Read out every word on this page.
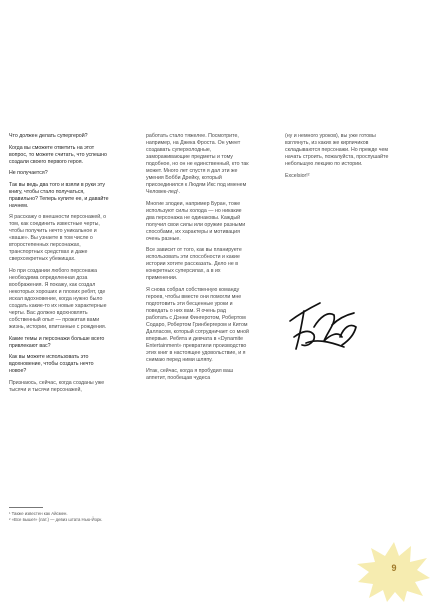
Что должен делать супергерой?

Когда вы сможете ответить на этот вопрос, то можете считать, что успешно создали своего первого героя.

Не получается?

Так вы ведь два того и взяли в руки эту книгу, чтобы стало получаться, правильно? Теперь купите ее, и давайте начнем.

Я расскажу о внешности персонажей, о том, как соединить известные черты, чтобы получить нечто уникальное и «ваше». Вы узнаете в том числе о второстепенных персонажах, транспортных средствах и даже сверхсекретных убежищах.

Но при создании любого персонажа необходима определенная доза воображения. Я покажу, как создал некоторых хороших и плохих ребят, где искал вдохновение, когда нужно было создать какие-то их новые характерные черты. Вас должно вдохновлять собственный опыт — прожитая вами жизнь, истории, впитанные с рождения.

Какие темы и персонажи больше всего привлекают вас?

Как вы можете использовать это вдохновение, чтобы создать нечто новое?

Признаюсь, сейчас, когда созданы уже тысячи и тысячи персонажей,

работать стало тяжелее. Посмотрите, например, на Джека Фроста. Он умеет создавать суперхолодные, замораживающие предметы и тому подобное, но он не единственный, кто так может. Много лет спустя я дал эти же умения Бобби Дрейку, который присоединился к Людям Икс под именем Человек-лед¹.

Многие злодеи, например Буран, тоже используют силы холода — но никакие два персонажа не одинаковы. Каждый получил свои силы или оружие разными способами, их характеры и мотивация очень разные.

Все зависит от того, как вы планируете использовать эти способности и какие истории хотите рассказать. Дело не в конкретных суперсилах, а в их применении.

Я снова собрал собственную команду героев, чтобы вместе они помогли мне подготовить эти бесценные уроки и поведать о них вам. Я очень рад работать с Дэнни Фингеротом, Робертом Содаро, Робертом Гринбергером и Китом Далласом, который сотрудничает со мной впервые. Ребята и девчата в «Dynamite Entertainment» превратили производство этих книг в настоящее удовольствие, и я снимаю перед ними шляпу.

Итак, сейчас, когда я пробудил ваш аппетит, пообещав чудеса

(ну и немного уроков), вы уже готовы взглянуть, из каких же кирпичиков складываются персонажи. Но прежде чем начать строить, пожалуйста, проспушайте небольшую лекцию по истории.

Excelsior!²

¹ Также известен как Айсмен.
² «Все выше!» (лат.) — девиз штата Нью-Йорк.
9
